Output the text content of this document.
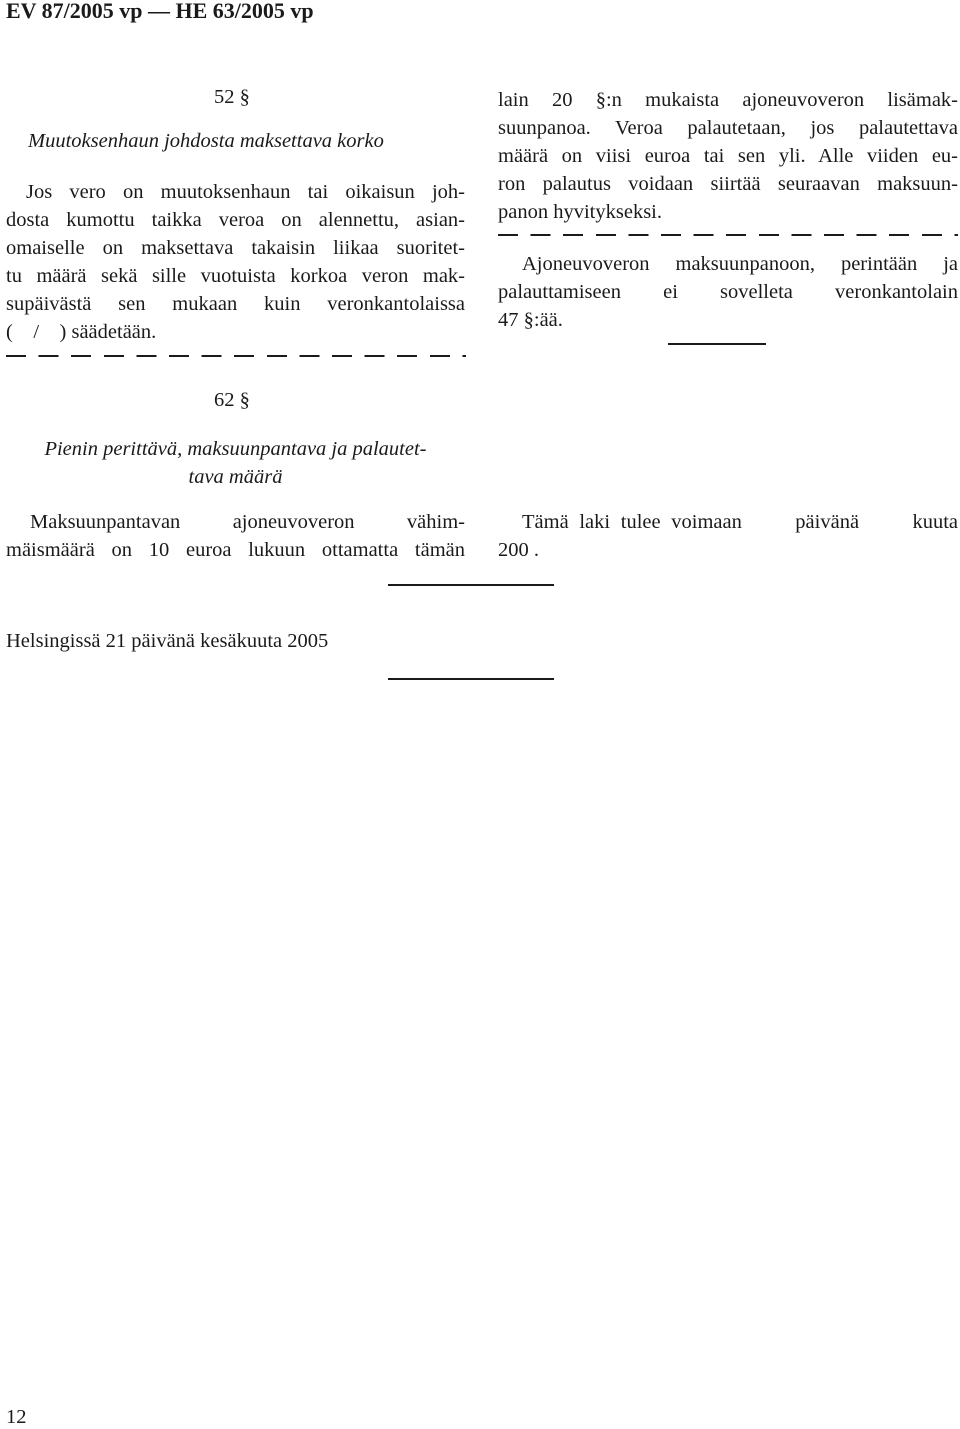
EV 87/2005 vp — HE 63/2005 vp
52 §
Muutoksenhaun johdosta maksettava korko
Jos vero on muutoksenhaun tai oikaisun joh-
dosta kumottu taikka veroa on alennettu, asian-
omaiselle on maksettava takaisin liikaa suoritet-
tu määrä sekä sille vuotuista korkoa veron mak-
supäivästä sen mukaan kuin veronkantolaissa
(    /    ) säädetään.
62 §
Pienin perittävä, maksuunpantava ja palautet-
tava määrä
Maksuunpantavan ajoneuvoveron vähim-
mäismäärä on 10 euroa lukuun ottamatta tämän
lain 20 §:n mukaista ajoneuvoveron lisämak-
suunpanoa. Veroa palautetaan, jos palautettava
määrä on viisi euroa tai sen yli. Alle viiden eu-
ron palautus voidaan siirtää seuraavan maksuun-
panon hyvitykseksi.
Ajoneuvoveron maksuunpanoon, perintään ja
palauttamiseen ei sovelleta veronkantolain
47 §:ää.
Tämä laki tulee voimaan     päivänä     kuuta
200 .
Helsingissä 21 päivänä kesäkuuta 2005
12
